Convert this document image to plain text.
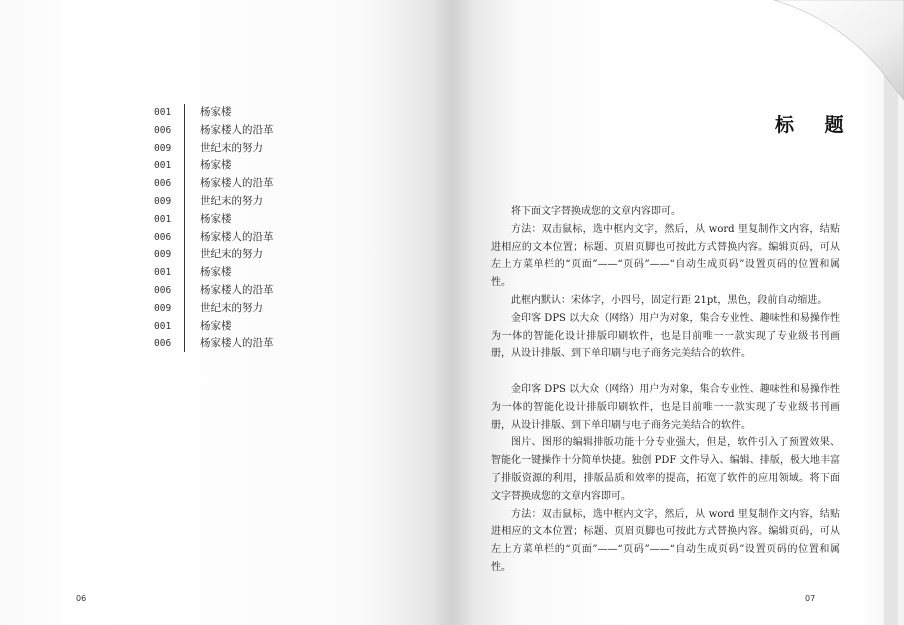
001	杨家楼
006	杨家楼人的沿革
009	世纪末的努力
001	杨家楼
006	杨家楼人的沿革
009	世纪末的努力
001	杨家楼
006	杨家楼人的沿革
009	世纪末的努力
001	杨家楼
006	杨家楼人的沿革
009	世纪末的努力
001	杨家楼
006	杨家楼人的沿革
06
标 题

将下面文字替换成您的文章内容即可。

方法：双击鼠标，选中框内文字，然后，从 word 里复制作文内容，结贴进相应的文本位置；标题、页眉页脚也可按此方式替换内容。编辑页码，可从左上方菜单栏的“页面”——“页码”——“自动生成页码”设置页码的位置和属性。

此框内默认：宋体字，小四号，固定行距 21pt，黑色，段前自动缩进。

金印客 DPS 以大众（网络）用户为对象，集合专业性、趣味性和易操作性为一体的智能化设计排版印刷软件，也是目前唯一一款实现了专业级书刊画册，从设计排版、到下单印刷与电子商务完美结合的软件。

金印客 DPS 以大众（网络）用户为对象，集合专业性、趣味性和易操作性为一体的智能化设计排版印刷软件，也是目前唯一一款实现了专业级书刊画册，从设计排版、到下单印刷与电子商务完美结合的软件。

图片、图形的编辑排版功能十分专业强大，但是，软件引入了预置效果、智能化一键操作十分简单快捷。独创 PDF 文件导入、编辑、排版，极大地丰富了排版资源的利用，排版品质和效率的提高，拓宽了软件的应用领域。将下面文字替换成您的文章内容即可。

方法：双击鼠标，选中框内文字，然后，从 word 里复制作文内容，结贴进相应的文本位置；标题、页眉页脚也可按此方式替换内容。编辑页码，可从左上方菜单栏的“页面”——“页码”——“自动生成页码”设置页码的位置和属性。

07
